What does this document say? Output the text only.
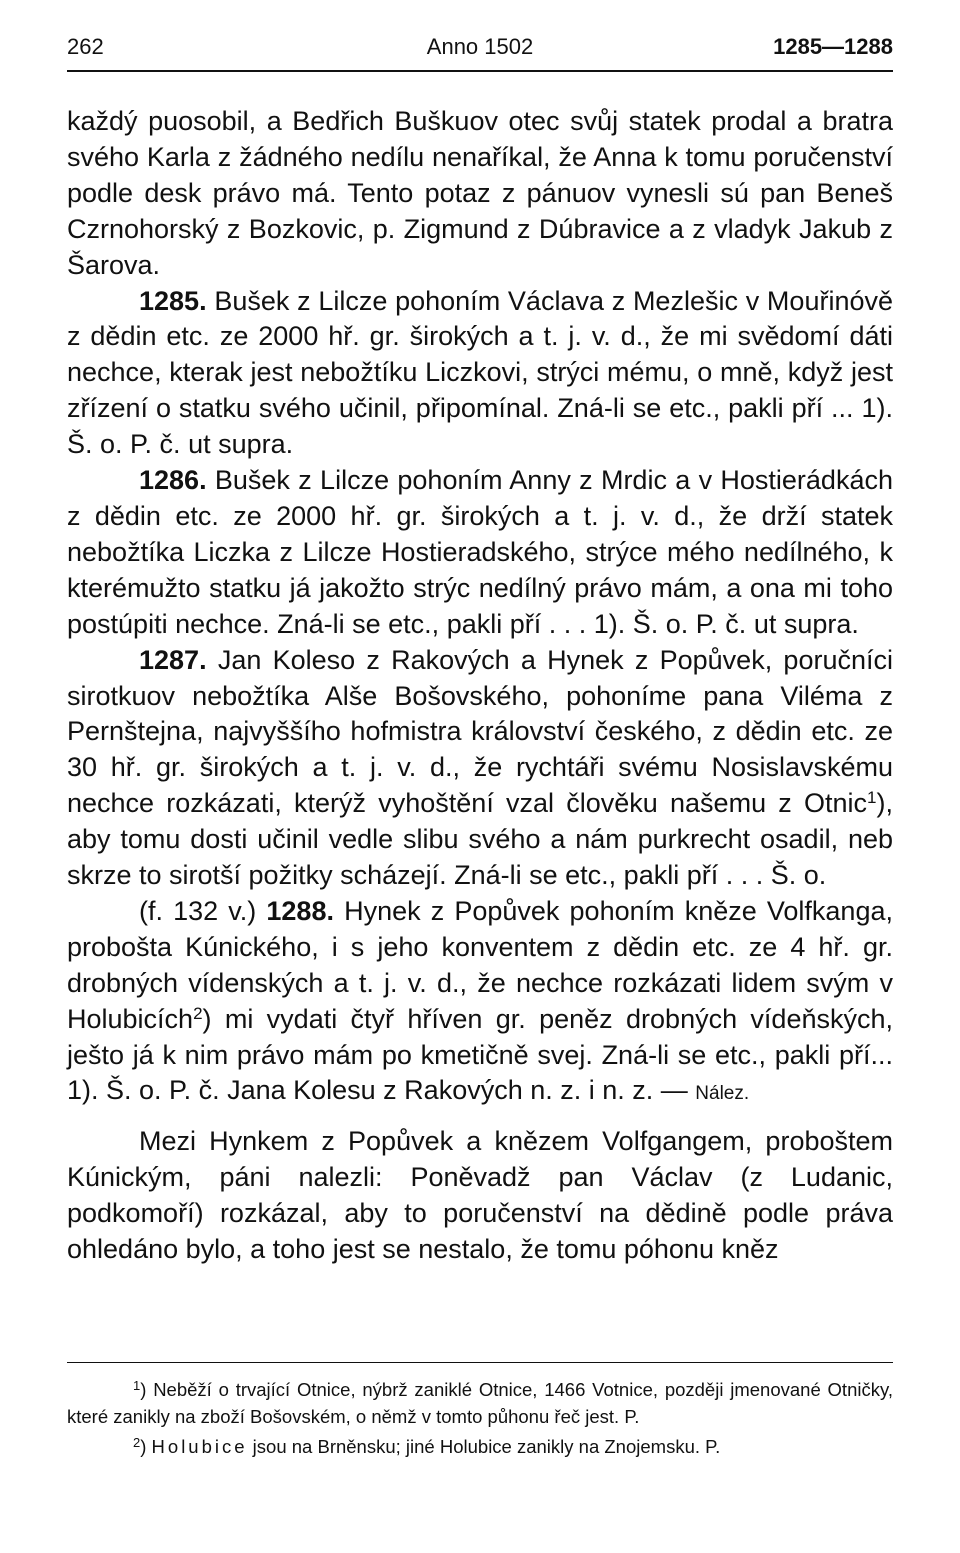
262	Anno 1502	1285—1288

každý puosobil, a Bedřich Buškuov otec svůj statek prodal a bratra svého Karla z žádného nedílu nenaříkal, že Anna k tomu poručenství podle desk právo má. Tento potaz z pánuov vynesli sú pan Beneš Czrnohorský z Bozkovic, p. Zigmund z Dúbravice a z vladyk Jakub z Šarova.

1285. Bušek z Lilcze pohoním Václava z Mezlešic v Mouřinóvě z dědin etc. ze 2000 hř. gr. širokých a t. j. v. d., že mi svědomí dáti nechce, kterak jest nebožtíku Liczkovi, strýci mému, o mně, když jest zřízení o statku svého učinil, připomínal. Zná-li se etc., pakli pří ... 1). Š. o. P. č. ut supra.

1286. Bušek z Lilcze pohoním Anny z Mrdic a v Hostierádkách z dědin etc. ze 2000 hř. gr. širokých a t. j. v. d., že drží statek nebožtíka Liczka z Lilcze Hostieradského, strýce mého nedílného, k kterémužto statku já jakožto strýc nedílný právo mám, a ona mi toho postúpiti nechce. Zná-li se etc., pakli pří . . . 1). Š. o. P. č. ut supra.

1287. Jan Koleso z Rakových a Hynek z Popůvek, poručníci sirotkuov nebožtíka Alše Bošovského, pohoníme pana Viléma z Pernštejna, najvyššího hofmistra království českého, z dědin etc. ze 30 hř. gr. širokých a t. j. v. d., že rychtáři svému Nosislavskému nechce rozkázati, kterýž vyhoštění vzal člověku našemu z Otnic$^1$), aby tomu dosti učinil vedle slibu svého a nám purkrecht osadil, neb skrze to sirotší požitky scházejí. Zná-li se etc., pakli pří . . . Š. o.

(f. 132 v.) 1288. Hynek z Popůvek pohoním kněze Volfkanga, probošta Kúnického, i s jeho konventem z dědin etc. ze 4 hř. gr. drobných vídenských a t. j. v. d., že nechce rozkázati lidem svým v Holubicích$^2$) mi vydati čtyř hříven gr. peněz drobných vídeňských, ješto já k nim právo mám po kmetičně svej. Zná-li se etc., pakli pří... 1). Š. o. P. č. Jana Kolesu z Rakových n. z. i n. z. — Nález.

Mezi Hynkem z Popůvek a knězem Volfgangem, proboštem Kúnickým, páni nalezli: Poněvadž pan Václav (z Ludanic, podkomoří) rozkázal, aby to poručenství na dědině podle práva ohledáno bylo, a toho jest se nestalo, že tomu póhonu kněz

$^1$) Neběží o trvající Otnice, nýbrž zaniklé Otnice, 1466 Votnice, později jmenované Otničky, které zanikly na zboží Bošovském, o němž v tomto půhonu řeč jest. P.

$^2$) Holubice jsou na Brněnsku; jiné Holubice zanikly na Znojemsku. P.
